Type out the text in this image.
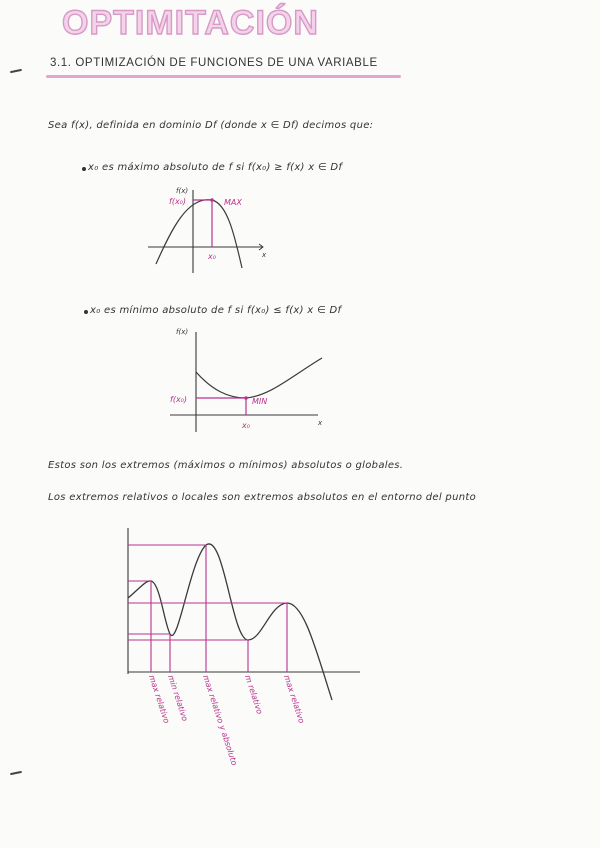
OPTIMITACIÓN
3.1. OPTIMIZACIÓN DE FUNCIONES DE UNA VARIABLE
Sea f(x), definida en dominio Df (donde x ∈ Df) decimos que:
x₀ es máximo absoluto de f si f(x₀) ≥ f(x) x ∈ Df
x₀ es mínimo absoluto de f si f(x₀) ≤ f(x) x ∈ Df
Estos son los extremos (máximos o mínimos) absolutos o globales.
Los extremos relativos o locales son extremos absolutos en el entorno del punto
f(x)
x
f(x₀)	MAX
x₀
f(x)
x
f(x₀)	MIN
x₀
max relativo
min relativo max relativo y absoluto m relativo max relativo
